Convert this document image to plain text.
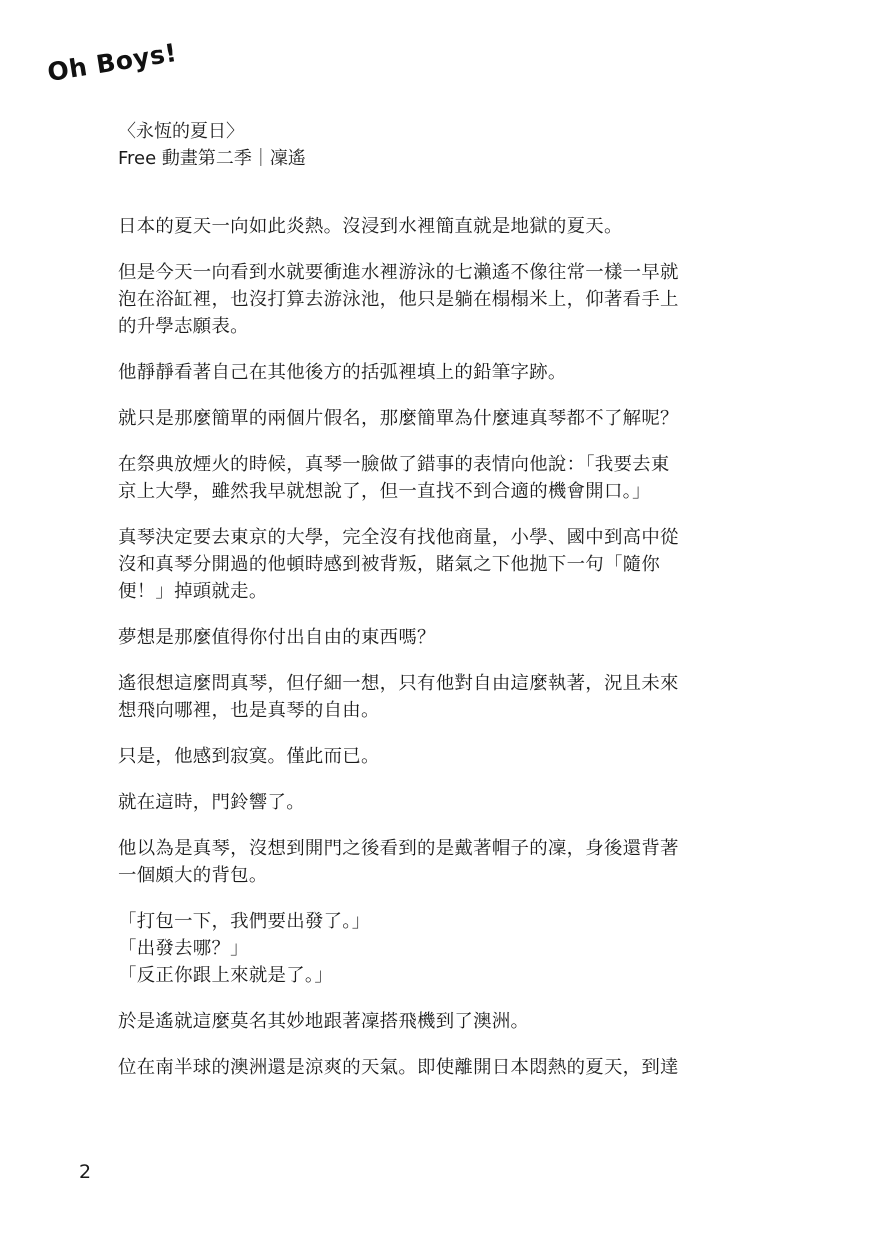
Oh Boys!
〈永恆的夏日〉
Free 動畫第二季｜凜遙
日本的夏天一向如此炎熱。沒浸到水裡簡直就是地獄的夏天。
但是今天一向看到水就要衝進水裡游泳的七瀨遙不像往常一樣一早就
泡在浴缸裡，也沒打算去游泳池，他只是躺在榻榻米上，仰著看手上
的升學志願表。
他靜靜看著自己在其他後方的括弧裡填上的鉛筆字跡。
就只是那麼簡單的兩個片假名，那麼簡單為什麼連真琴都不了解呢？
在祭典放煙火的時候，真琴一臉做了錯事的表情向他說：「我要去東
京上大學，雖然我早就想說了，但一直找不到合適的機會開口。」
真琴決定要去東京的大學，完全沒有找他商量，小學、國中到高中從
沒和真琴分開過的他頓時感到被背叛，賭氣之下他拋下一句「隨你
便！」掉頭就走。
夢想是那麼值得你付出自由的東西嗎？
遙很想這麼問真琴，但仔細一想，只有他對自由這麼執著，況且未來
想飛向哪裡，也是真琴的自由。
只是，他感到寂寞。僅此而已。
就在這時，門鈴響了。
他以為是真琴，沒想到開門之後看到的是戴著帽子的凜，身後還背著
一個頗大的背包。
「打包一下，我們要出發了。」
「出發去哪？」
「反正你跟上來就是了。」
於是遙就這麼莫名其妙地跟著凜搭飛機到了澳洲。
位在南半球的澳洲還是涼爽的天氣。即使離開日本悶熱的夏天，到達
2
